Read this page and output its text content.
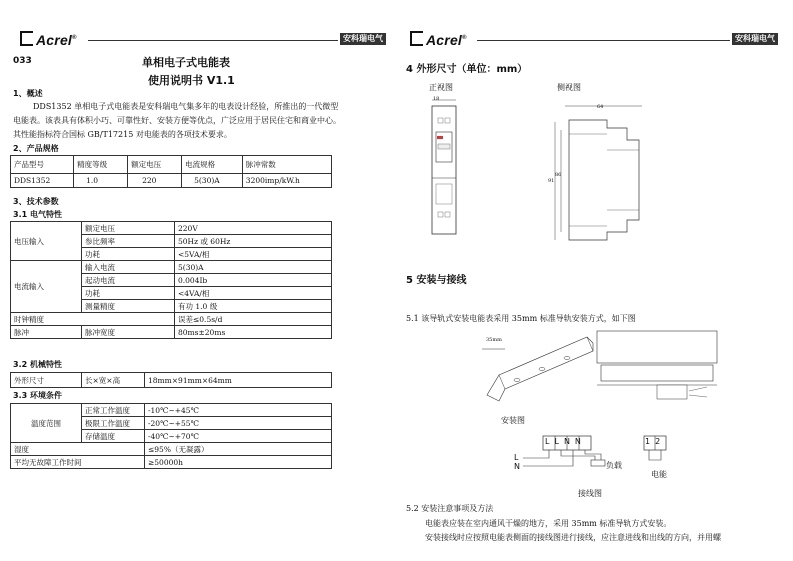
Acrel®	安科瑞电气
033	单相电子式电能表
使用说明书 V1.1
1、概述
DDS1352 单相电子式电能表是安科瑞电气集多年的电表设计经验，所推出的一代微型
电能表。该表具有体积小巧、可靠性好、安装方便等优点，广泛应用于居民住宅和商业中心。
其性能指标符合国标 GB/T17215 对电能表的各项技术要求。
2、产品规格
产品型号	精度等级	额定电压	电流规格	脉冲常数
DDS1352	1.0	220	5(30)A	3200imp/kW.h
3、技术参数
3.1 电气特性
电压输入	额定电压	220V
	参比频率	50Hz 或 60Hz
	功耗	<5VA/相
电流输入	输入电流	5(30)A
	起动电流	0.004Ib
	功耗	<4VA/相
	测量精度	有功 1.0 级
时钟精度		误差≤0.5s/d
脉冲	脉冲宽度	80ms±20ms
3.2 机械特性
外形尺寸	长×宽×高	18mm×91mm×64mm
3.3 环境条件
温度范围	正常工作温度	-10℃~+45℃
	极限工作温度	-20℃~+55℃
	存储温度	-40℃~+70℃
湿度		≤95%（无凝露）
平均无故障工作时间		≥50000h
Acrel®	安科瑞电气
4 外形尺寸（单位：mm）
正视图	侧视图
18
64
91
86
5 安装与接线
5.1 该导轨式安装电能表采用 35mm 标准导轨安装方式，如下图
35mm
安装图
LLNN	12
L
N	负载
电能
接线图
5.2 安装注意事项及方法
电能表应装在室内通风干燥的地方，采用 35mm 标准导轨方式安装。
安装接线时应按照电能表侧面的接线图进行接线，应注意进线和出线的方向，并用螺
